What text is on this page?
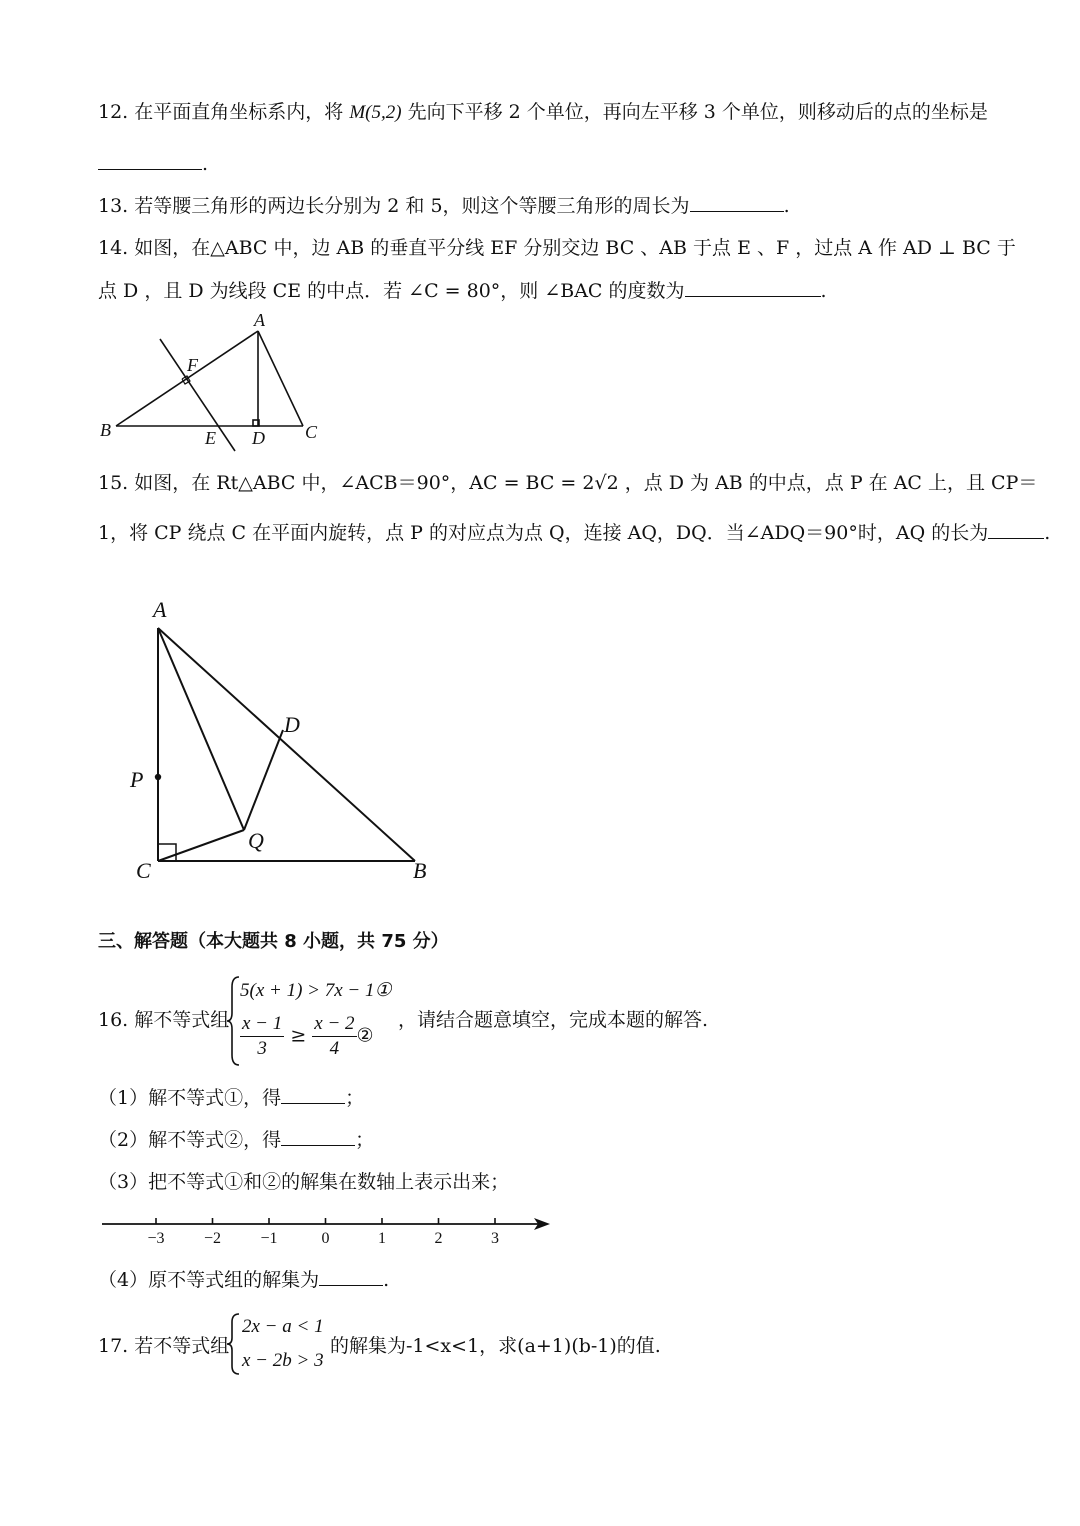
12. 在平面直角坐标系内，将 M(5,2) 先向下平移 2 个单位，再向左平移 3 个单位，则移动后的点的坐标是
.
13. 若等腰三角形的两边长分别为 2 和 5，则这个等腰三角形的周长为	.
14. 如图，在△ABC 中，边 AB 的垂直平分线 EF 分别交边 BC 、AB 于点 E 、F ，过点 A 作 AD ⊥ BC 于
点 D ，且 D 为线段 CE 的中点．若 ∠C = 80°，则 ∠BAC 的度数为	.
A
B	C
D
E
F
15. 如图，在 Rt△ABC 中，∠ACB＝90°，AC = BC = 2√2 ，点 D 为 AB 的中点，点 P 在 AC 上，且 CP＝
1，将 CP 绕点 C 在平面内旋转，点 P 的对应点为点 Q，连接 AQ，DQ．当∠ADQ＝90°时，AQ 的长为	.
A
B
C
D
P
Q
三、解答题（本大题共 8 小题，共 75 分）
16. 解不等式组
5(x + 1) > 7x − 1①
$\frac{x - 1}{3} \ge \frac{x - 2}{4}$ ②
，请结合题意填空，完成本题的解答.
（1）解不等式①，得	；
（2）解不等式②，得	；
（3）把不等式①和②的解集在数轴上表示出来；
−3 −2 −1	0	1	2	3
（4）原不等式组的解集为	.
17. 若不等式组
2x − a < 1
x − 2b > 3
的解集为-1<x<1，求(a+1)(b-1)的值.
